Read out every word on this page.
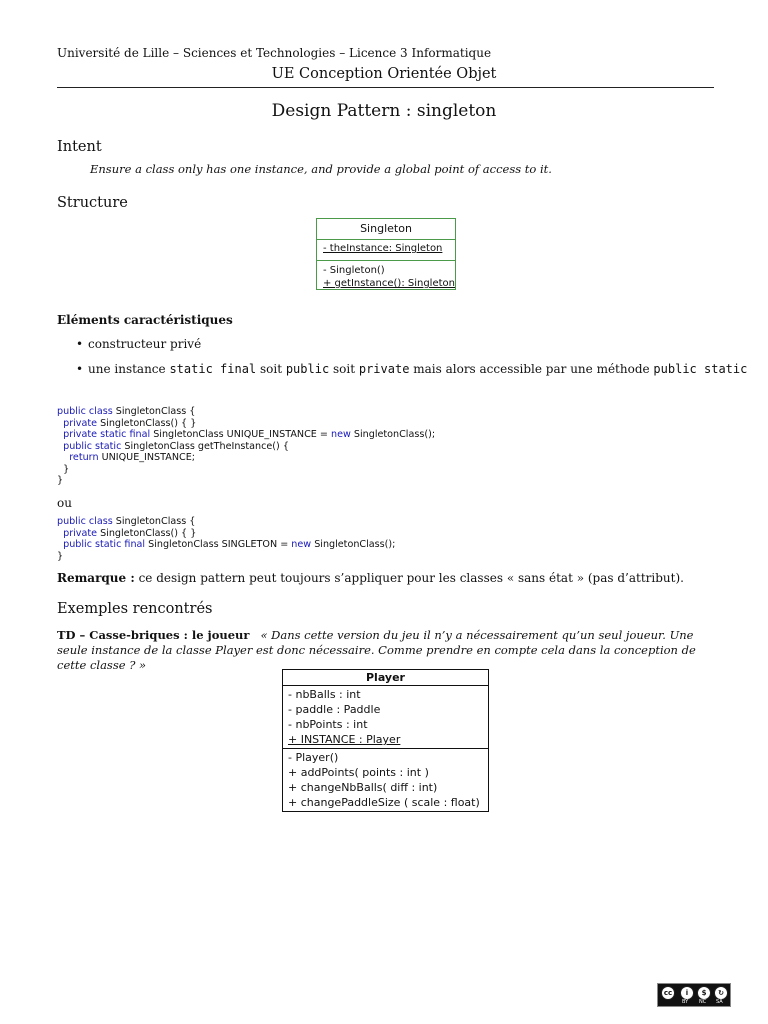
Université de Lille – Sciences et Technologies – Licence 3 Informatique
UE Conception Orientée Objet
Design Pattern : singleton
Intent
Ensure a class only has one instance, and provide a global point of access to it.
Structure
Singleton
- theInstance: Singleton
- Singleton()
+ getInstance(): Singleton
Eléments caractéristiques
• constructeur privé
• une instance static final soit public soit private mais alors accessible par une méthode public static
public class SingletonClass {
private SingletonClass() { }
private static final SingletonClass UNIQUE_INSTANCE = new SingletonClass();
public static SingletonClass getTheInstance() {
return UNIQUE_INSTANCE;
}
}
ou
public class SingletonClass {
private SingletonClass() { }
public static final SingletonClass SINGLETON = new SingletonClass();
}
Remarque : ce design pattern peut toujours s’appliquer pour les classes « sans état » (pas d’attribut).
Exemples rencontrés
TD – Casse-briques : le joueur « Dans cette version du jeu il n’y a nécessairement qu’un seul joueur. Une seule instance de la classe Player est donc nécessaire. Comme prendre en compte cela dans la conception de cette classe ? »
Player
- nbBalls : int
- paddle : Paddle
- nbPoints : int
+ INSTANCE : Player
- Player()
+ addPoints( points : int )
+ changeNbBalls( diff : int)
+ changePaddleSize ( scale : float)
cc	i	$	↻
BY NC SA
